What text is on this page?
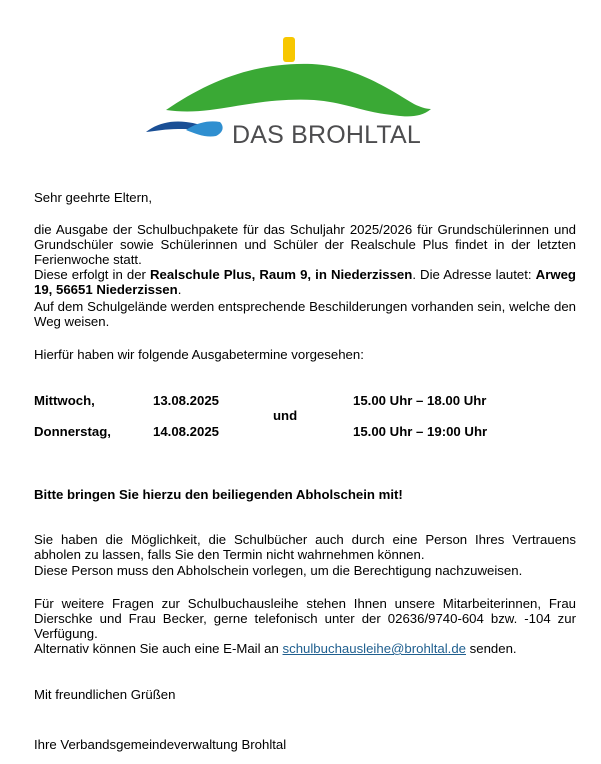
DAS BROHLTAL

Sehr geehrte Eltern,

die Ausgabe der Schulbuchpakete für das Schuljahr 2025/2026 für Grundschülerinnen und Grundschüler sowie Schülerinnen und Schüler der Realschule Plus findet in der letzten Ferienwoche statt.

Diese erfolgt in der Realschule Plus, Raum 9, in Niederzissen. Die Adresse lautet: Arweg 19, 56651 Niederzissen.

Auf dem Schulgelände werden entsprechende Beschilderungen vorhanden sein, welche den Weg weisen.

Hierfür haben wir folgende Ausgabetermine vorgesehen:

Mittwoch,	13.08.2025	15.00 Uhr – 18.00 Uhr
und
Donnerstag,	14.08.2025	15.00 Uhr – 19:00 Uhr

Bitte bringen Sie hierzu den beiliegenden Abholschein mit!

Sie haben die Möglichkeit, die Schulbücher auch durch eine Person Ihres Vertrauens abholen zu lassen, falls Sie den Termin nicht wahrnehmen können.

Diese Person muss den Abholschein vorlegen, um die Berechtigung nachzuweisen.

Für weitere Fragen zur Schulbuchausleihe stehen Ihnen unsere Mitarbeiterinnen, Frau Dierschke und Frau Becker, gerne telefonisch unter der 02636/9740-604 bzw. -104 zur Verfügung.

Alternativ können Sie auch eine E-Mail an schulbuchausleihe@brohltal.de senden.

Mit freundlichen Grüßen

Ihre Verbandsgemeindeverwaltung Brohltal
